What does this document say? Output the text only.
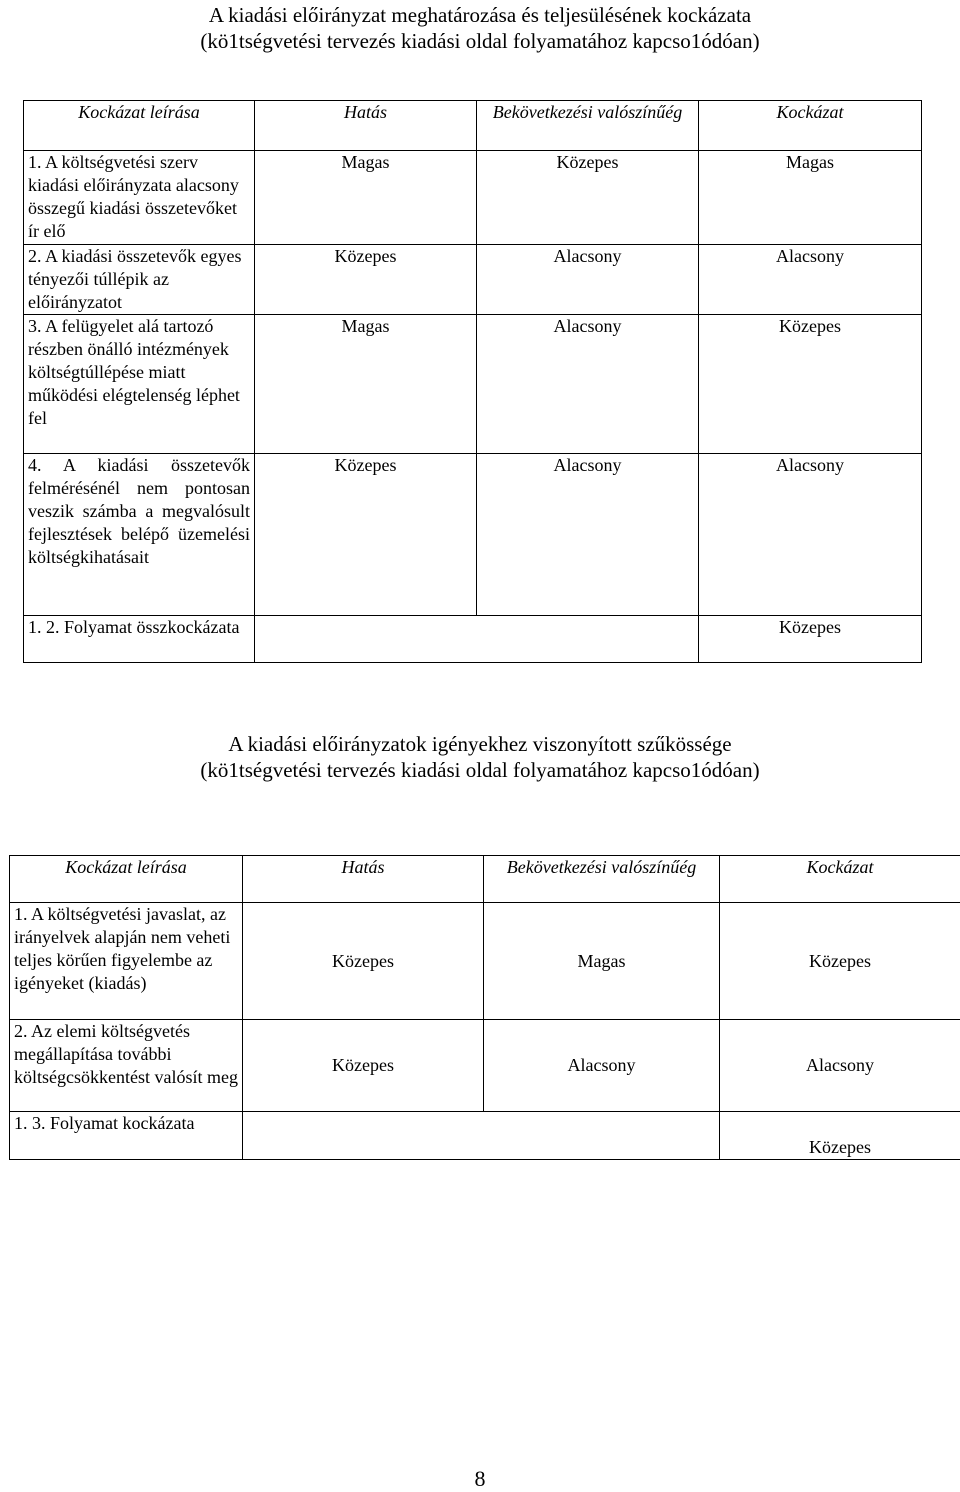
A kiadási előirányzat meghatározása és teljesülésének kockázata
(kö1tségvetési tervezés kiadási oldal folyamatához kapcso1ódóan)
Kockázat leírása	Hatás	Bekövetkezési valószínűég	Kockázat
1. A költségvetési szerv kiadási előirányzata alacsony összegű kiadási összetevőket ír elő	Magas	Közepes	Magas
2. A kiadási összetevők egyes tényezői túllépik az előirányzatot	Közepes	Alacsony	Alacsony
3. A felügyelet alá tartozó részben önálló intézmények költségtúllépése miatt működési elégtelenség léphet fel	Magas	Alacsony	Közepes
4. A kiadási összetevők felmérésénél nem pontosan veszik számba a megvalósult fejlesztések belépő üzemelési költségkihatásait	Közepes	Alacsony	Alacsony
1. 2. Folyamat összkockázata			Közepes
A kiadási előirányzatok igényekhez viszonyított szűkössége
(kö1tségvetési tervezés kiadási oldal folyamatához kapcso1ódóan)
Kockázat leírása	Hatás	Bekövetkezési valószínűég	Kockázat
1. A költségvetési javaslat, az irányelvek alapján nem veheti teljes körűen figyelembe az igényeket (kiadás)	Közepes	Magas	Közepes
2. Az elemi költségvetés megállapítása további költségcsökkentést valósít meg	Közepes	Alacsony	Alacsony
1. 3. Folyamat kockázata			Közepes
8
